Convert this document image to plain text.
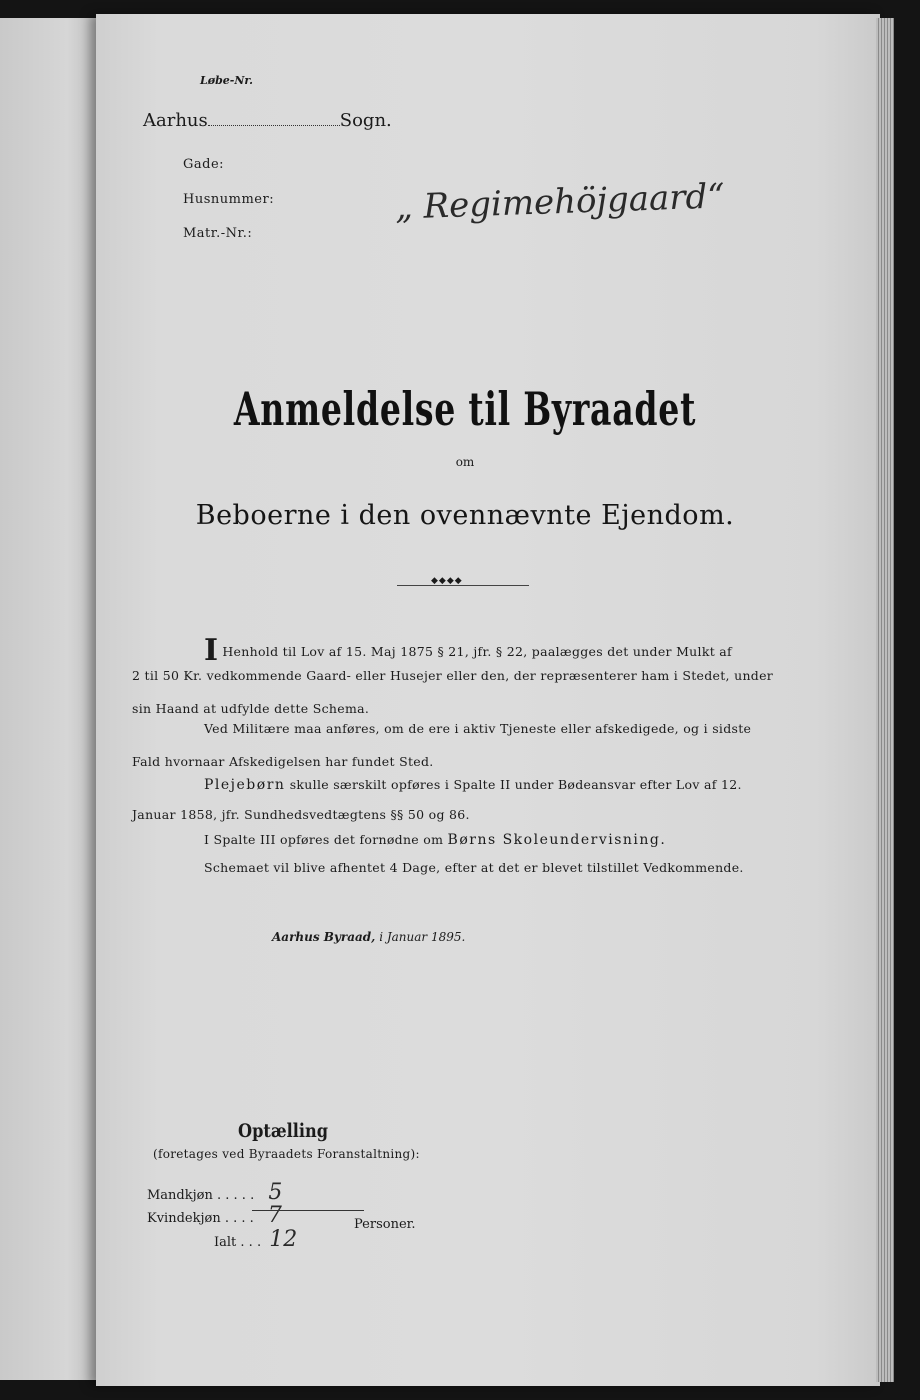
Løbe-Nr.
Aarhus	Sogn.
Gade:
Husnummer:
Matr.-Nr.:
„ Regimehöjgaard“
Anmeldelse til Byraadet
om
Beboerne i den ovennævnte Ejendom.
◆◆◆◆
I Henhold til Lov af 15. Maj 1875 § 21, jfr. § 22, paalægges det under Mulkt af
2 til 50 Kr. vedkommende Gaard- eller Husejer eller den, der repræsenterer ham i Stedet, under
sin Haand at udfylde dette Schema.
Ved Militære maa anføres, om de ere i aktiv Tjeneste eller afskedigede, og i sidste
Fald hvornaar Afskedigelsen har fundet Sted.
Plejebørn skulle særskilt opføres i Spalte II under Bødeansvar efter Lov af 12.
Januar 1858, jfr. Sundhedsvedtægtens §§ 50 og 86.
I Spalte III opføres det fornødne om Børns Skoleundervisning.
Schemaet vil blive afhentet 4 Dage, efter at det er blevet tilstillet Vedkommende.
Aarhus Byraad, i Januar 1895.
Optælling
(foretages ved Byraadets Foranstaltning):
Mandkjøn . . . . . 5
Kvindekjøn . . . . 7
Ialt . . . 12
Personer.
